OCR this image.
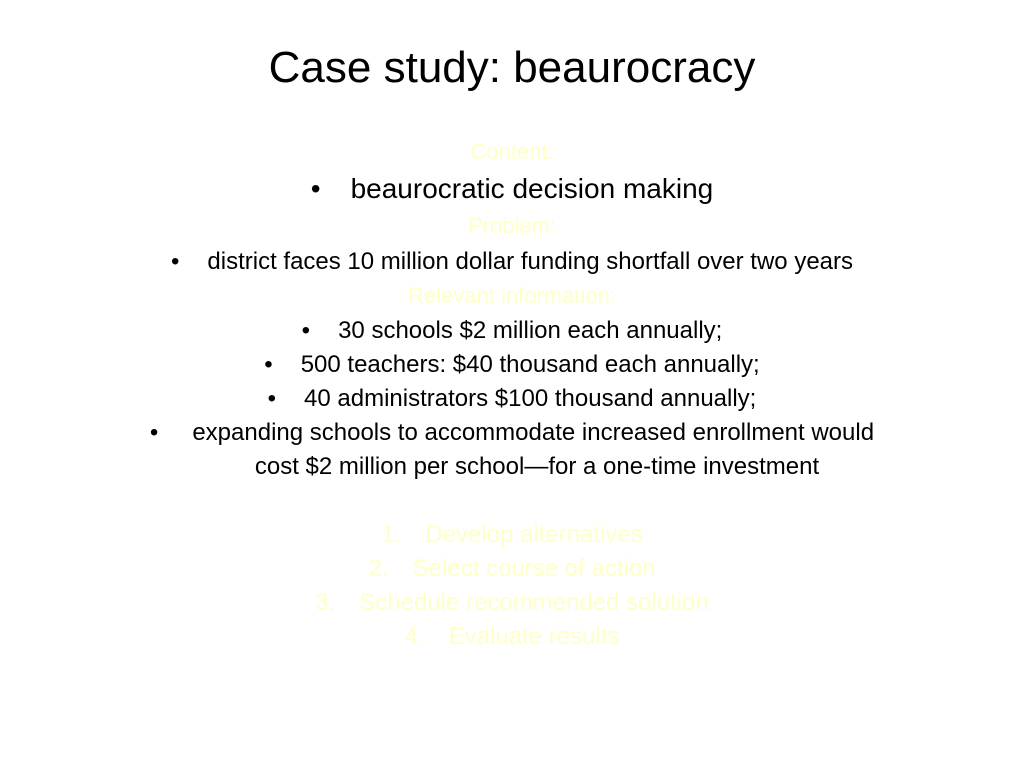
Case study: beaurocracy
Content:
• beaurocratic decision making
Problem:
• district faces 10 million dollar funding shortfall over two years
Relevant information:
• 30 schools $2 million each annually;
• 500 teachers: $40 thousand each annually;
• 40 administrators $100 thousand annually;
• expanding schools to accommodate increased enrollment would
cost $2 million per school—for a one-time investment
1. Develop alternatives
2. Select course of action
3. Schedule recommended solution
4. Evaluate results
